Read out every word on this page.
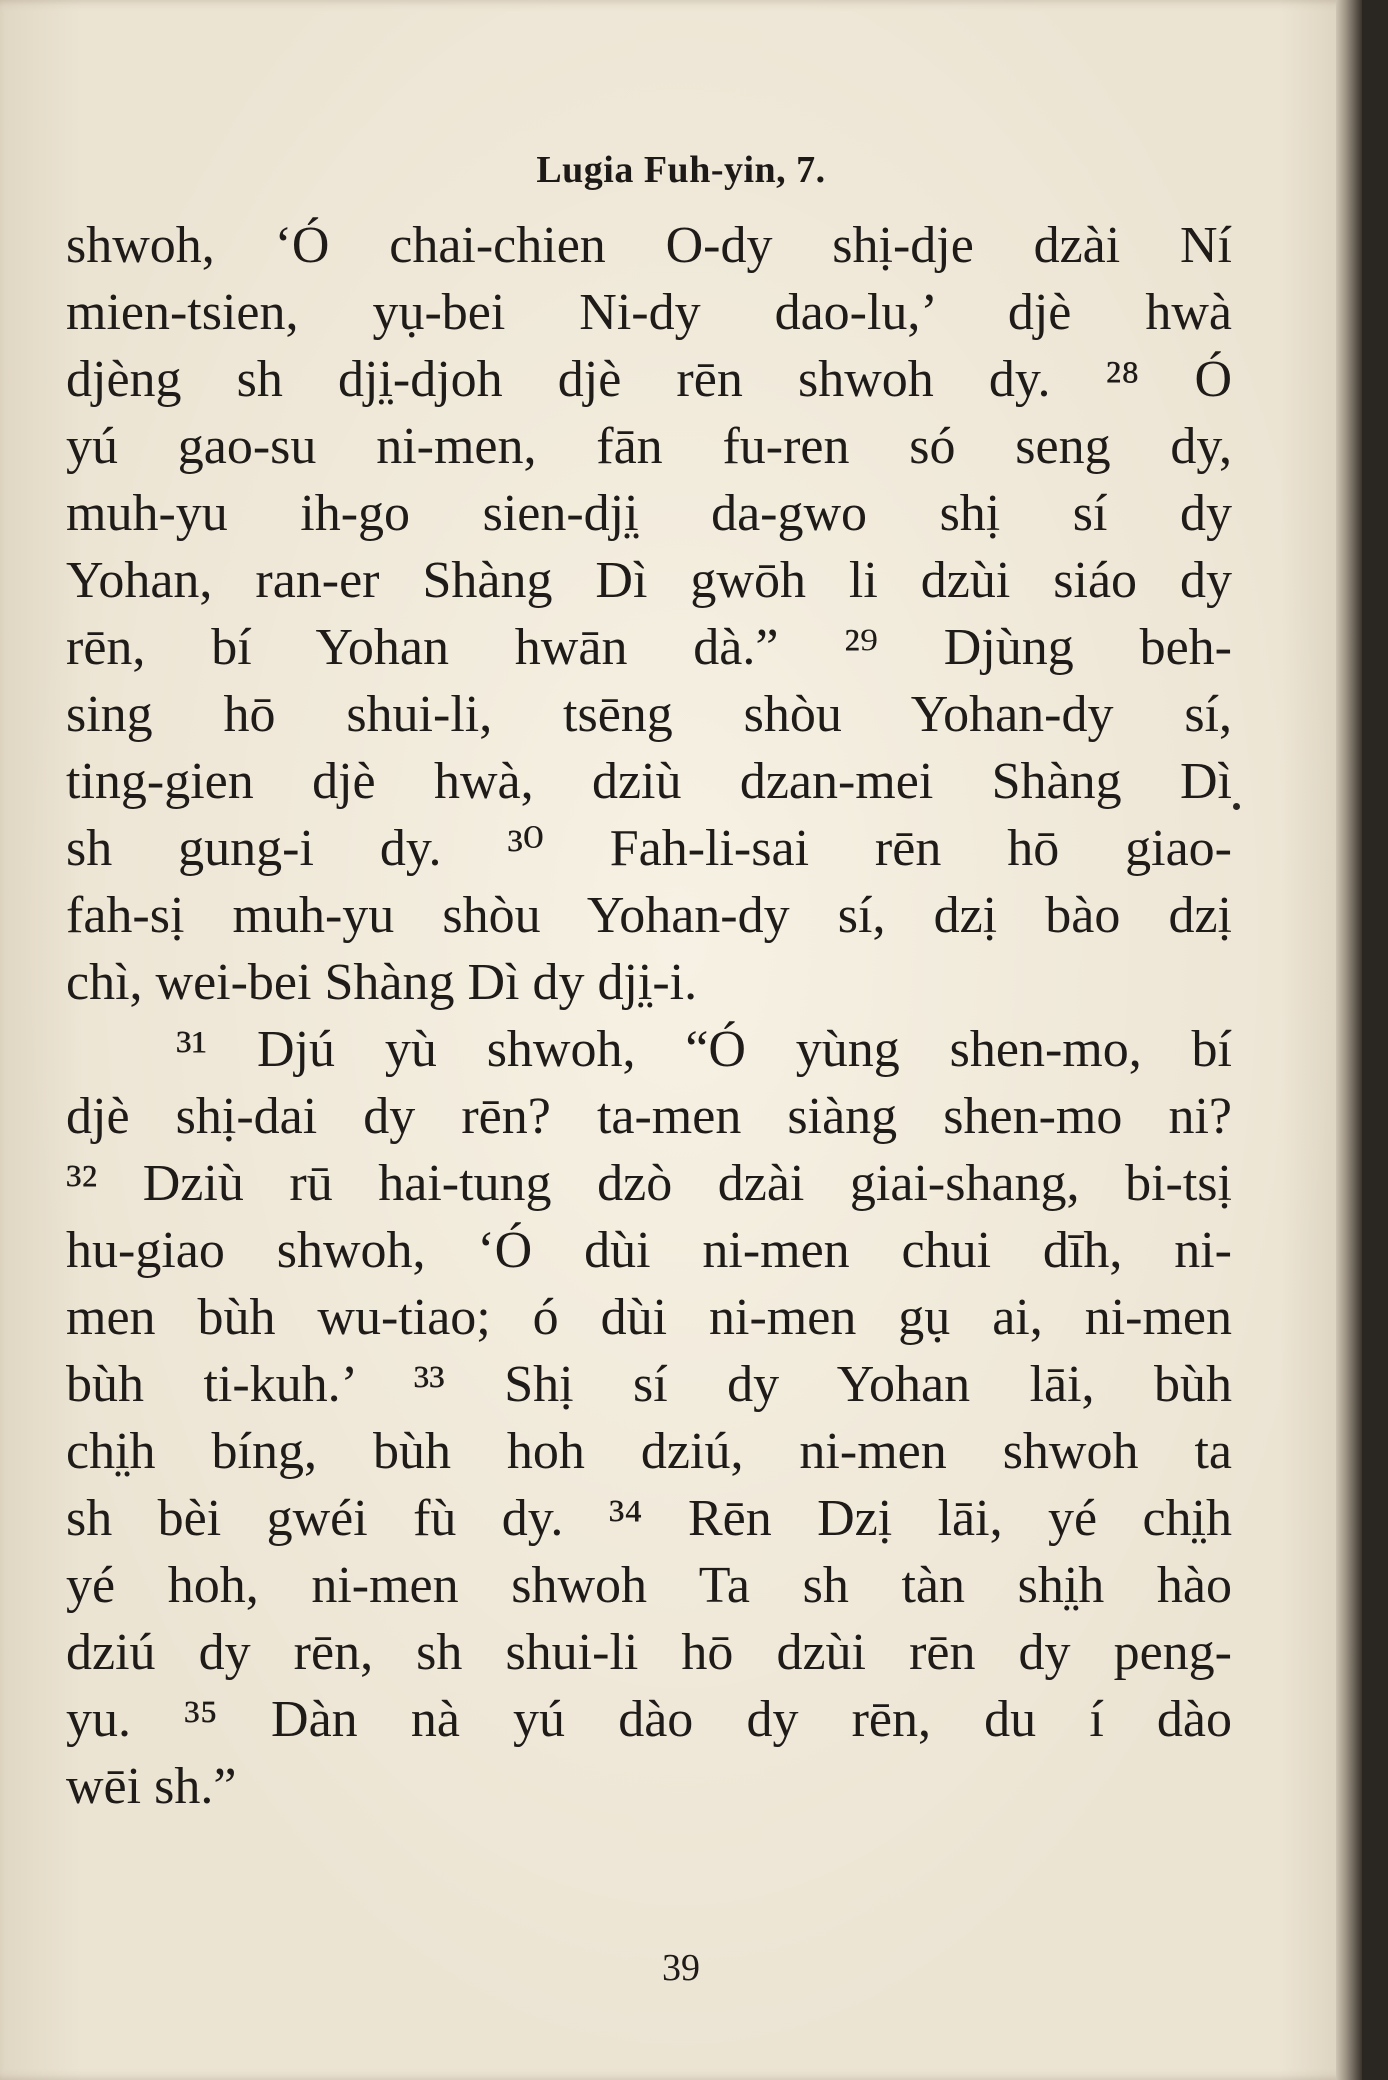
Lugia Fuh-yin, 7.
shwoh, ‘Ó chai-chien O-dy shị-dje dzài Ní
mien-tsien, yụ-bei Ni-dy dao-lu,’ djè hwà
djèng sh dji̤-djoh djè rēn shwoh dy. ²⁸ Ó
yú gao-su ni-men, fān fu-ren só seng dy,
muh-yu ih-go sien-dji̤ da-gwo shị sí dy
Yohan, ran-er Shàng Dì gwōh li dzùi siáo dy
rēn, bí Yohan hwān dà.” ²⁹ Djùng beh-
sing hō shui-li, tsēng shòu Yohan-dy sí,
ting-gien djè hwà, dziù dzan-mei Shàng Dì
sh gung-i dy. ³⁰ Fah-li-sai rēn hō giao-
fah-sị muh-yu shòu Yohan-dy sí, dzị bào dzị
chì, wei-bei Shàng Dì dy dji̤-i.
³¹ Djú yù shwoh, “Ó yùng shen-mo, bí
djè shị-dai dy rēn? ta-men siàng shen-mo ni?
³² Dziù rū hai-tung dzò dzài giai-shang, bi-tsị
hu-giao shwoh, ‘Ó dùi ni-men chui dīh, ni-
men bùh wu-tiao; ó dùi ni-men gụ ai, ni-men
bùh ti-kuh.’ ³³ Shị sí dy Yohan lāi, bùh
chi̤h bíng, bùh hoh dziú, ni-men shwoh ta
sh bèi gwéi fù dy. ³⁴ Rēn Dzị lāi, yé chi̤h
yé hoh, ni-men shwoh Ta sh tàn shi̤h hào
dziú dy rēn, sh shui-li hō dzùi rēn dy peng-
yu. ³⁵ Dàn nà yú dào dy rēn, du í dào
wēi sh.”
39
